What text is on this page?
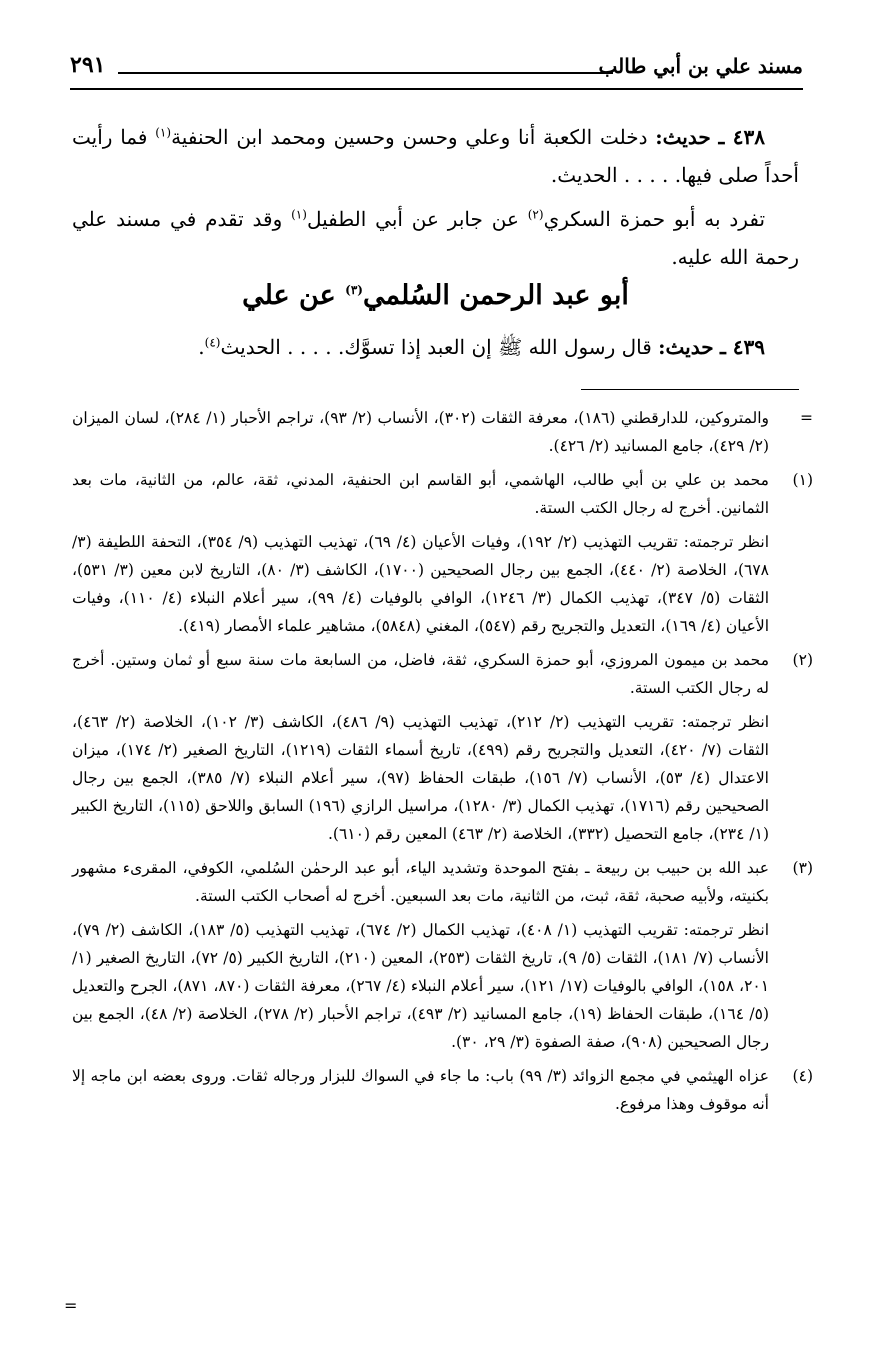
مسند علي بن أبي طالب
٢٩١

٤٣٨ ـ حديث: دخلت الكعبة أنا وعلي وحسن وحسين ومحمد ابن الحنفية$^{(١)}$ فما رأيت أحداً صلى فيها. . . . . الحديث.

تفرد به أبو حمزة السكري$^{(٢)}$ عن جابر عن أبي الطفيل$^{(١)}$ وقد تقدم في مسند علي رحمة الله عليه.

أبو عبد الرحمن السُلمي$^{(٣)}$ عن علي

٤٣٩ ـ حديث: قال رسول الله ﷺ إن العبد إذا تسوَّك. . . . . الحديث$^{(٤)}$.

=

والمتروكين، للدارقطني (١٨٦)، معرفة الثقات (٣٠٢)، الأنساب (٢/ ٩٣)، تراجم الأحبار (١/ ٢٨٤)، لسان الميزان (٢/ ٤٢٩)، جامع المسانيد (٢/ ٤٢٦).

(١)

محمد بن علي بن أبي طالب، الهاشمي، أبو القاسم ابن الحنفية، المدني، ثقة، عالم، من الثانية، مات بعد الثمانين. أخرج له رجال الكتب الستة.

انظر ترجمته: تقريب التهذيب (٢/ ١٩٢)، وفيات الأعيان (٤/ ٦٩)، تهذيب التهذيب (٩/ ٣٥٤)، التحفة اللطيفة (٣/ ٦٧٨)، الخلاصة (٢/ ٤٤٠)، الجمع بين رجال الصحيحين (١٧٠٠)، الكاشف (٣/ ٨٠)، التاريخ لابن معين (٣/ ٥٣١)، الثقات (٥/ ٣٤٧)، تهذيب الكمال (٣/ ١٢٤٦)، الوافي بالوفيات (٤/ ٩٩)، سير أعلام النبلاء (٤/ ١١٠)، وفيات الأعيان (٤/ ١٦٩)، التعديل والتجريح رقم (٥٤٧)، المغني (٥٨٤٨)، مشاهير علماء الأمصار (٤١٩).

(٢)

محمد بن ميمون المروزي، أبو حمزة السكري، ثقة، فاضل، من السابعة مات سنة سبع أو ثمان وستين. أخرج له رجال الكتب الستة.

انظر ترجمته: تقريب التهذيب (٢/ ٢١٢)، تهذيب التهذيب (٩/ ٤٨٦)، الكاشف (٣/ ١٠٢)، الخلاصة (٢/ ٤٦٣)، الثقات (٧/ ٤٢٠)، التعديل والتجريح رقم (٤٩٩)، تاريخ أسماء الثقات (١٢١٩)، التاريخ الصغير (٢/ ١٧٤)، ميزان الاعتدال (٤/ ٥٣)، الأنساب (٧/ ١٥٦)، طبقات الحفاظ (٩٧)، سير أعلام النبلاء (٧/ ٣٨٥)، الجمع بين رجال الصحيحين رقم (١٧١٦)، تهذيب الكمال (٣/ ١٢٨٠)، مراسيل الرازي (١٩٦) السابق واللاحق (١١٥)، التاريخ الكبير (١/ ٢٣٤)، جامع التحصيل (٣٣٢)، الخلاصة (٢/ ٤٦٣) المعين رقم (٦١٠).

(٣)

عبد الله بن حبيب بن ربيعة ـ بفتح الموحدة وتشديد الياء، أبو عبد الرحمٰن السُلمي، الكوفي، المقرىء مشهور بكنيته، ولأبيه صحبة، ثقة، ثبت، من الثانية، مات بعد السبعين. أخرج له أصحاب الكتب الستة.

انظر ترجمته: تقريب التهذيب (١/ ٤٠٨)، تهذيب الكمال (٢/ ٦٧٤)، تهذيب التهذيب (٥/ ١٨٣)، الكاشف (٢/ ٧٩)، الأنساب (٧/ ١٨١)، الثقات (٥/ ٩)، تاريخ الثقات (٢٥٣)، المعين (٢١٠)، التاريخ الكبير (٥/ ٧٢)، التاريخ الصغير (١/ ٢٠١، ١٥٨)، الوافي بالوفيات (١٧/ ١٢١)، سير أعلام النبلاء (٤/ ٢٦٧)، معرفة الثقات (٨٧٠، ٨٧١)، الجرح والتعديل (٥/ ١٦٤)، طبقات الحفاظ (١٩)، جامع المسانيد (٢/ ٤٩٣)، تراجم الأحبار (٢/ ٢٧٨)، الخلاصة (٢/ ٤٨)، الجمع بين رجال الصحيحين (٩٠٨)، صفة الصفوة (٣/ ٢٩، ٣٠).

(٤)

عزاه الهيثمي في مجمع الزوائد (٣/ ٩٩) باب: ما جاء في السواك للبزار ورجاله ثقات. وروى بعضه ابن ماجه إلا أنه موقوف وهذا مرفوع.

=
